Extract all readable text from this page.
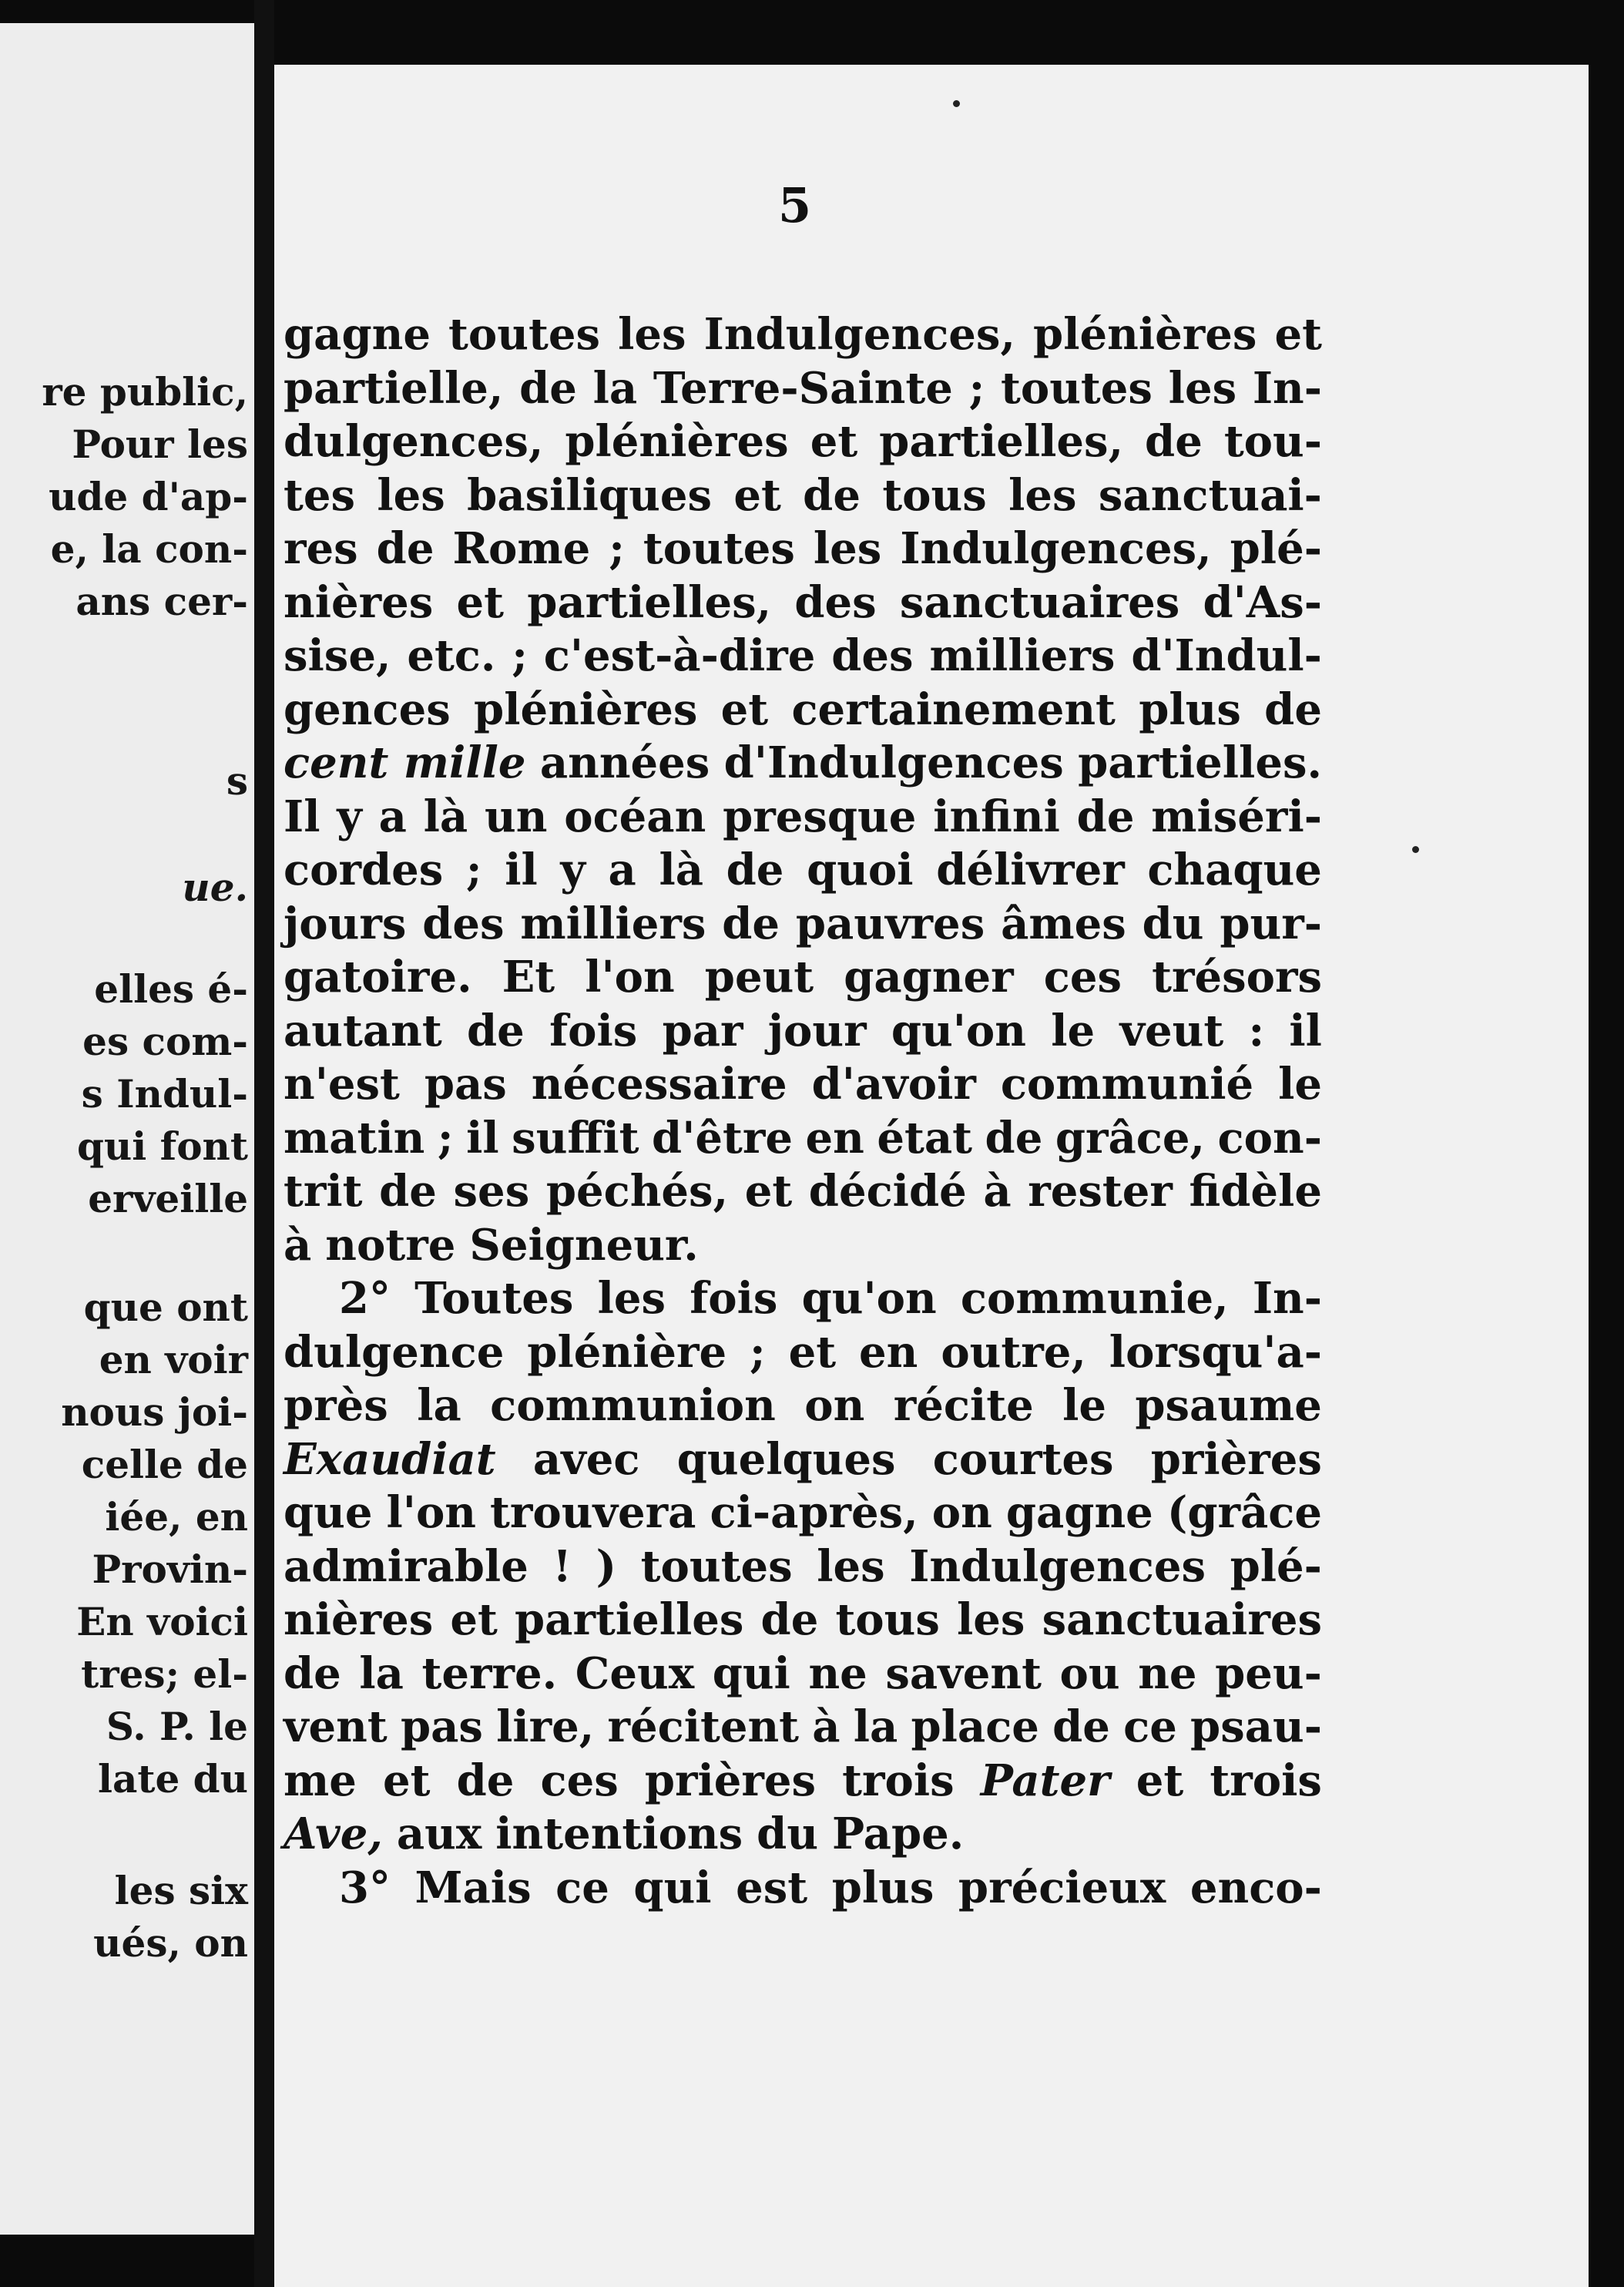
re public,
Pour les
ude d'ap-
e, la con-
ans cer-
s
ue.
elles é-
es com-
s Indul-
qui font
erveille
que ont
en voir
nous joi-
celle de
iée, en
Provin-
En voici
tres; el-
S. P. le
late du
les six
ués, on
5
gagne toutes les Indulgences, plénières et
partielle, de la Terre-Sainte ; toutes les In-
dulgences, plénières et partielles, de tou-
tes les basiliques et de tous les sanctuai-
res de Rome ; toutes les Indulgences, plé-
nières et partielles, des sanctuaires d'As-
sise, etc. ; c'est-à-dire des milliers d'Indul-
gences plénières et certainement plus de
cent mille années d'Indulgences partielles.
Il y a là un océan presque infini de miséri-
cordes ; il y a là de quoi délivrer chaque
jours des milliers de pauvres âmes du pur-
gatoire. Et l'on peut gagner ces trésors
autant de fois par jour qu'on le veut : il
n'est pas nécessaire d'avoir communié le
matin ; il suffit d'être en état de grâce, con-
trit de ses péchés, et décidé à rester fidèle
à notre Seigneur.
2° Toutes les fois qu'on communie, In-
dulgence plénière ; et en outre, lorsqu'a-
près la communion on récite le psaume
Exaudiat avec quelques courtes prières
que l'on trouvera ci-après, on gagne (grâce
admirable ! ) toutes les Indulgences plé-
nières et partielles de tous les sanctuaires
de la terre. Ceux qui ne savent ou ne peu-
vent pas lire, récitent à la place de ce psau-
me et de ces prières trois Pater et trois
Ave, aux intentions du Pape.
3° Mais ce qui est plus précieux enco-
